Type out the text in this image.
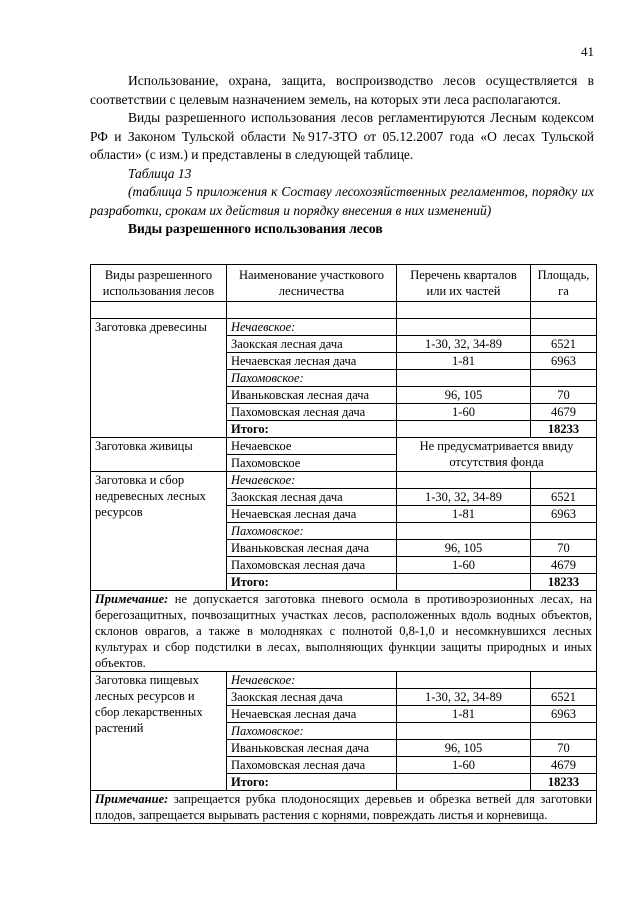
41

Использование, охрана, защита, воспроизводство лесов осуществляется в соответствии с целевым назначением земель, на которых эти леса располагаются.

Виды разрешенного использования лесов регламентируются Лесным кодексом РФ и Законом Тульской области №917-ЗТО от 05.12.2007 года «О лесах Тульской области» (с изм.) и представлены в следующей таблице.

Таблица 13

(таблица 5 приложения к Составу лесохозяйственных регламентов, порядку их разработки, срокам их действия и порядку внесения в них изменений)

Виды разрешенного использования лесов

Виды разрешенного использования лесов	Наименование участкового лесничества	Перечень кварталов или их частей	Площадь, га

Заготовка древесины	Нечаевское:		
	Заокская лесная дача	1-30, 32, 34-89	6521
	Нечаевская лесная дача	1-81	6963
	Пахомовское:		
	Иваньковская лесная дача	96, 105	70
	Пахомовская лесная дача	1-60	4679
	Итого:		18233
Заготовка живицы	Нечаевское	Не предусматривается ввиду отсутствия фонда	
	Пахомовское		
Заготовка и сбор недревесных лесных ресурсов	Нечаевское:		
	Заокская лесная дача	1-30, 32, 34-89	6521
	Нечаевская лесная дача	1-81	6963
	Пахомовское:		
	Иваньковская лесная дача	96, 105	70
	Пахомовская лесная дача	1-60	4679
	Итого:		18233
Примечание: не допускается заготовка пневого осмола в противоэрозионных лесах, на берегозащитных, почвозащитных участках лесов, расположенных вдоль водных объектов, склонов оврагов, а также в молодняках с полнотой 0,8-1,0 и несомкнувшихся лесных культурах и сбор подстилки в лесах, выполняющих функции защиты природных и иных объектов.			
Заготовка пищевых лесных ресурсов и сбор лекарственных растений	Нечаевское:		
	Заокская лесная дача	1-30, 32, 34-89	6521
	Нечаевская лесная дача	1-81	6963
	Пахомовское:		
	Иваньковская лесная дача	96, 105	70
	Пахомовская лесная дача	1-60	4679
	Итого:		18233
Примечание: запрещается рубка плодоносящих деревьев и обрезка ветвей для заготовки плодов, запрещается вырывать растения с корнями, повреждать листья и корневища.			
